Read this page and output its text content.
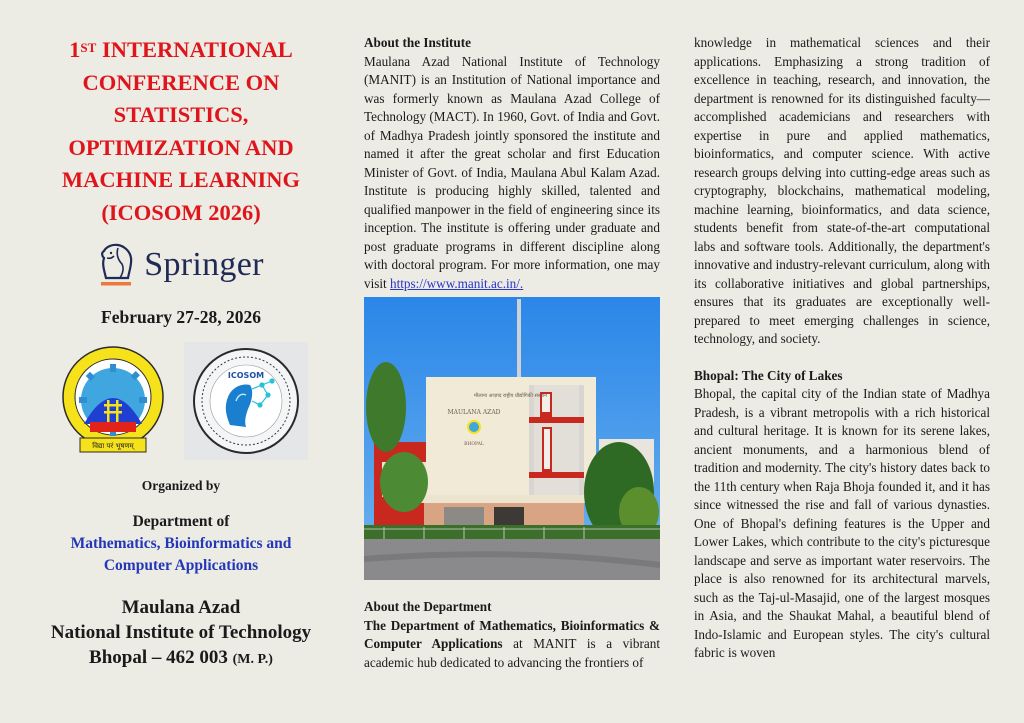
1ST INTERNATIONAL
CONFERENCE ON
STATISTICS,
OPTIMIZATION AND
MACHINE LEARNING
(ICOSOM 2026)
Springer
February 27-28, 2026
विद्या परं भूषणम्
ICOSOM
Organized by
Department of
Mathematics, Bioinformatics and
Computer Applications
Maulana Azad
National Institute of Technology
Bhopal – 462 003 (M. P.)

About the Institute

Maulana Azad National Institute of Technology (MANIT) is an Institution of National importance and was formerly known as Maulana Azad College of Technology (MACT). In 1960, Govt. of India and Govt. of Madhya Pradesh jointly sponsored the institute and named it after the great scholar and first Education Minister of Govt. of India, Maulana Abul Kalam Azad. Institute is producing highly skilled, talented and qualified manpower in the field of engineering since its inception. The institute is offering under graduate and post graduate programs in different discipline along with doctoral program. For more information, one may visit https://www.manit.ac.in/.

मौलाना आज़ाद राष्ट्रीय प्रौद्योगिकी संस्थान
MAULANA AZAD
BHOPAL

About the Department

The Department of Mathematics, Bioinformatics & Computer Applications at MANIT is a vibrant academic hub dedicated to advancing the frontiers of

knowledge in mathematical sciences and their applications. Emphasizing a strong tradition of excellence in teaching, research, and innovation, the department is renowned for its distinguished faculty—accomplished academicians and researchers with expertise in pure and applied mathematics, bioinformatics, and computer science. With active research groups delving into cutting-edge areas such as cryptography, blockchains, mathematical modeling, machine learning, bioinformatics, and data science, students benefit from state-of-the-art computational labs and software tools. Additionally, the department's innovative and industry-relevant curriculum, along with its collaborative initiatives and global partnerships, ensures that its graduates are exceptionally well-prepared to meet emerging challenges in science, technology, and society.

Bhopal: The City of Lakes

Bhopal, the capital city of the Indian state of Madhya Pradesh, is a vibrant metropolis with a rich historical and cultural heritage. It is known for its serene lakes, ancient monuments, and a harmonious blend of tradition and modernity. The city's history dates back to the 11th century when Raja Bhoja founded it, and it has since witnessed the rise and fall of various dynasties. One of Bhopal's defining features is the Upper and Lower Lakes, which contribute to the city's picturesque landscape and serve as important water reservoirs. The place is also renowned for its architectural marvels, such as the Taj-ul-Masajid, one of the largest mosques in Asia, and the Shaukat Mahal, a beautiful blend of Indo-Islamic and European styles. The city's cultural fabric is woven
